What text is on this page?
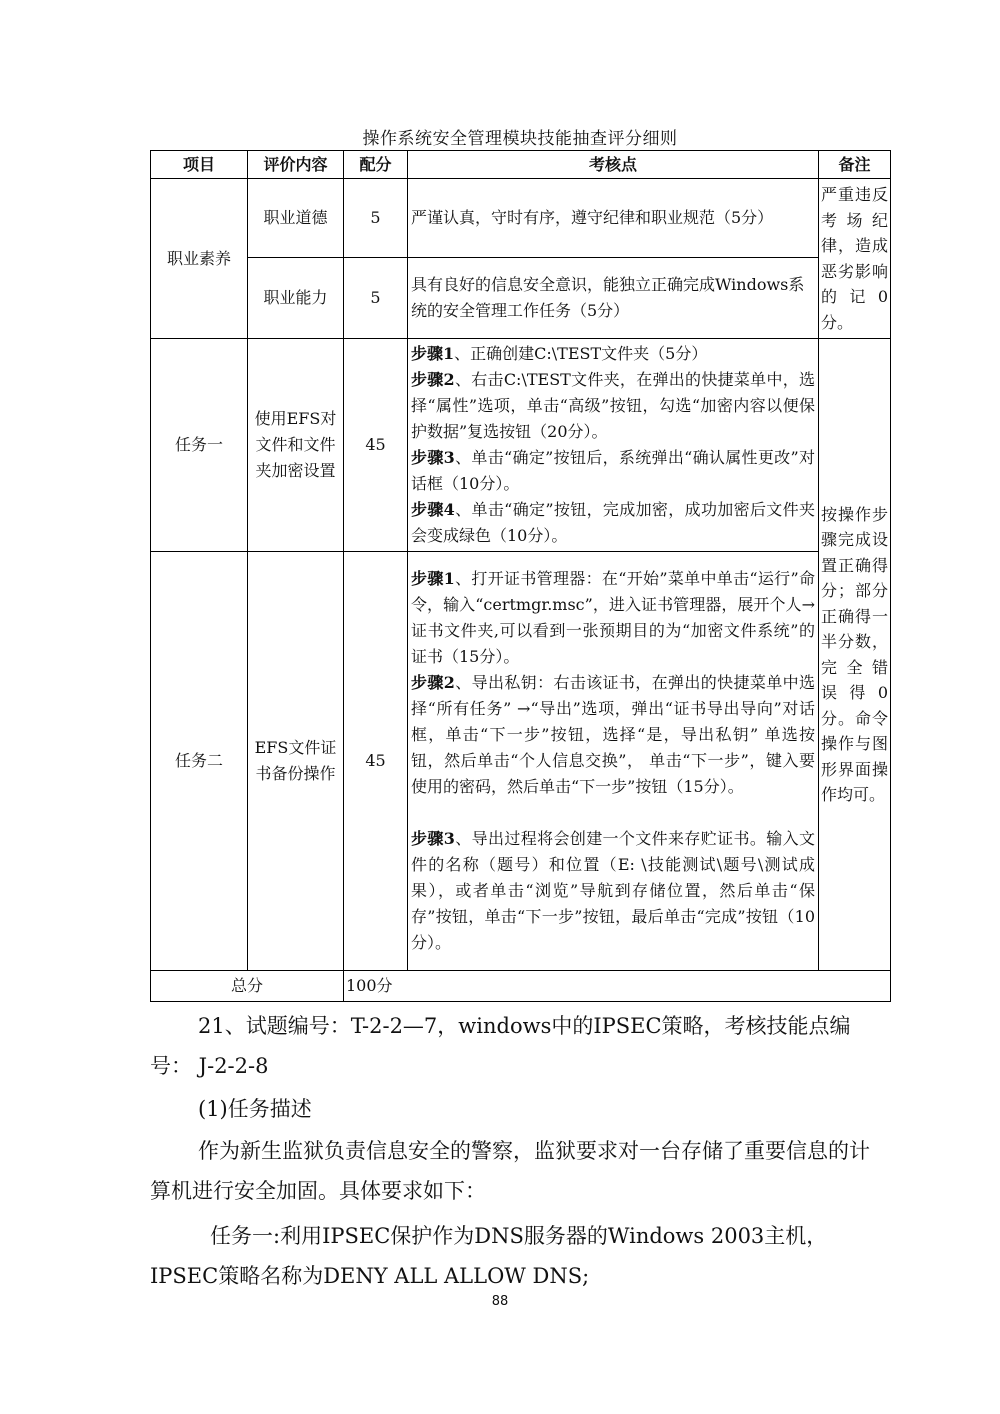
操作系统安全管理模块技能抽查评分细则
项目	评价内容	配分	考核点	备注
职业素养	职业道德	5	严谨认真，守时有序，遵守纪律和职业规范（5分）	严重违反考场纪律，造成恶劣影响的记0分。
	职业能力	5	具有良好的信息安全意识，能独立正确完成Windows系统的安全管理工作任务（5分）	
任务一	使用EFS对文件和文件夹加密设置	45	步骤1、正确创建C:\TEST文件夹（5分）

步骤2、右击C:\TEST文件夹，在弹出的快捷菜单中，选择“属性”选项，单击“高级”按钮，勾选“加密内容以便保护数据”复选按钮（20分）。

步骤3、单击“确定”按钮后，系统弹出“确认属性更改”对话框（10分）。

步骤4、单击“确定”按钮，完成加密，成功加密后文件夹会变成绿色（10分）。	按操作步骤完成设置正确得分；部分正确得一半分数，完全错 误得0分。命令操作与图形界面操作均可。
任务二	EFS文件证书备份操作	45	步骤1、打开证书管理器：在“开始”菜单中单击“运行”命令，输入“certmgr.msc”，进入证书管理器，展开个人→证书文件夹,可以看到一张预期目的为“加密文件系统”的证书（15分）。

步骤2、导出私钥：右击该证书，在弹出的快捷菜单中选择“所有任务” →“导出”选项，弹出“证书导出导向”对话框，单击“下一步”按钮，选择“是，导出私钥” 单选按钮，然后单击“个人信息交换”， 单击“下一步”，键入要使用的密码，然后单击“下一步”按钮（15分）。

步骤3、导出过程将会创建一个文件来存贮证书。输入文件的名称（题号）和位置（E: \技能测试\题号\测试成果），或者单击“浏览”导航到存储位置，然后单击“保存”按钮，单击“下一步”按钮，最后单击“完成”按钮（10分）。	

总分		100分		

21、试题编号：T-2-2—7，windows中的IPSEC策略，考核技能点编号： J-2-2-8

(1)任务描述

作为新生监狱负责信息安全的警察，监狱要求对一台存储了重要信息的计算机进行安全加固。具体要求如下：

任务一:利用IPSEC保护作为DNS服务器的Windows 2003主机，IPSEC策略名称为DENY ALL ALLOW DNS;

88
